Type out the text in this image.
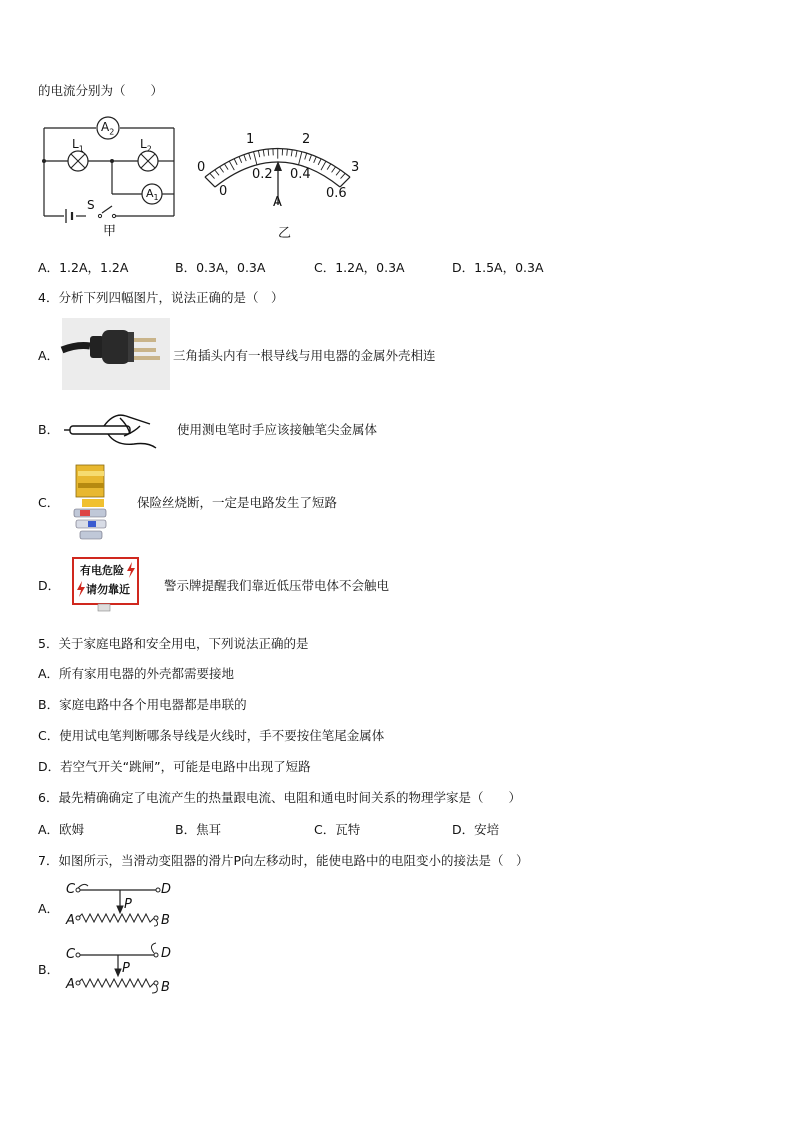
的电流分别为（　　）
$A_2$
$L_1$	$L_2$
$A_1$
S
甲
0
1	2
3
0
0.2 0.4
0.6
A
乙
A．1.2A，1.2A	B．0.3A，0.3A	C．1.2A，0.3A	D．1.5A，0.3A
4．分析下列四幅图片，说法正确的是（　）
A．	三角插头内有一根导线与用电器的金属外壳相连
B．	使用测电笔时手应该接触笔尖金属体
C．	保险丝烧断，一定是电路发生了短路
D．
有电危险
请勿靠近	警示牌提醒我们靠近低压带电体不会触电
5．关于家庭电路和安全用电，下列说法正确的是
A．所有家用电器的外壳都需要接地
B．家庭电路中各个用电器都是串联的
C．使用试电笔判断哪条导线是火线时，手不要按住笔尾金属体
D．若空气开关“跳闸”，可能是电路中出现了短路
6．最先精确确定了电流产生的热量跟电流、电阻和通电时间关系的物理学家是（　　）
A．欧姆	B．焦耳	C．瓦特	D．安培
7．如图所示，当滑动变阻器的滑片P向左移动时，能使电路中的电阻变小的接法是（　）
A．
C	D
A	B
P
B．
C	D
A	B
P
